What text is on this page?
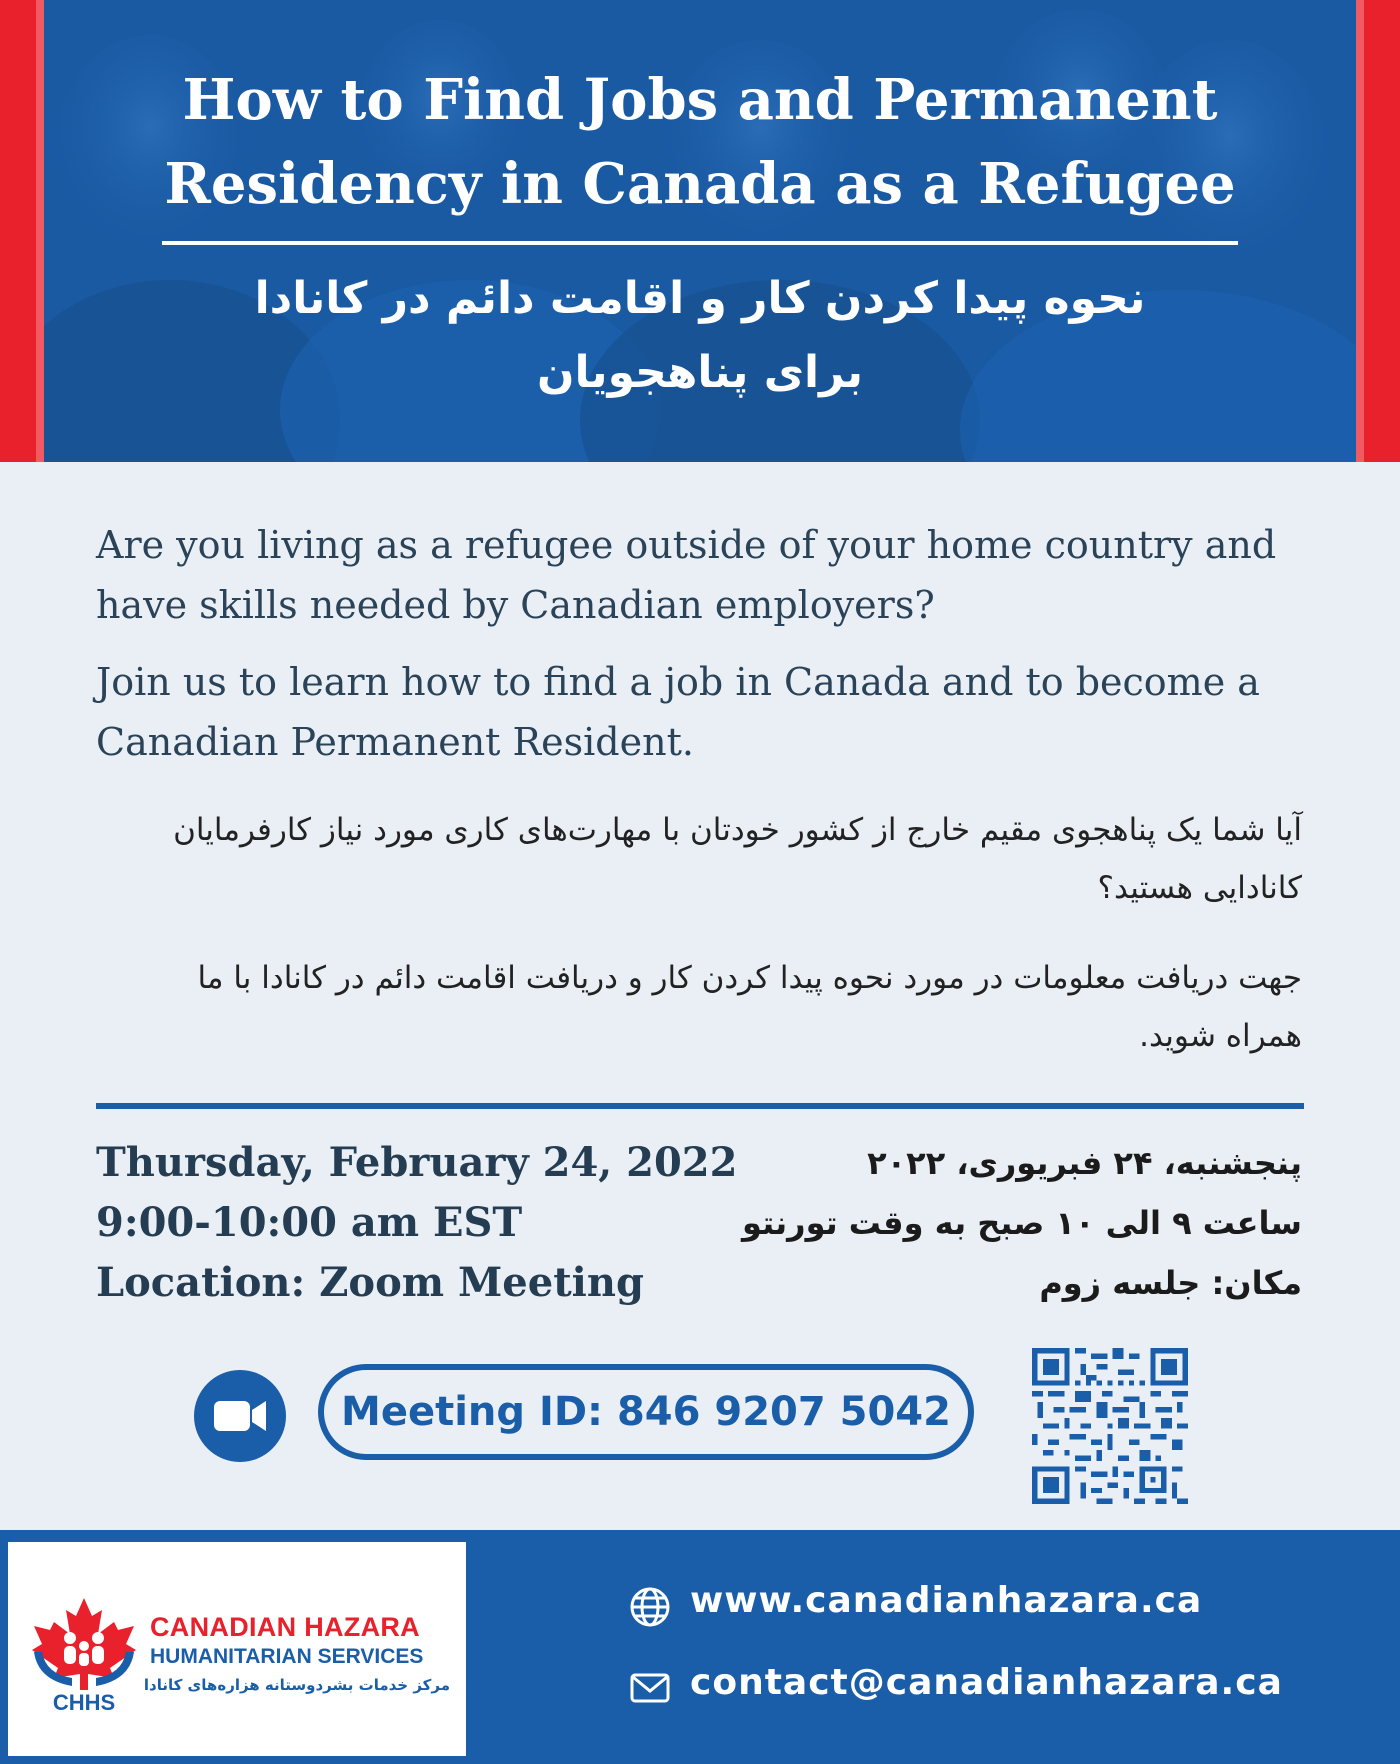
How to Find Jobs and Permanent
Residency in Canada as a Refugee
نحوه پیدا کردن کار و اقامت دائم در کانادا
برای پناهجویان

Are you living as a refugee outside of your home country and have skills needed by Canadian employers?

Join us to learn how to find a job in Canada and to become a Canadian Permanent Resident.

آیا شما یک پناهجوی مقیم خارج از کشور خودتان با مهارت‌های کاری مورد نیاز کارفرمایان کانادایی هستید؟

جهت دریافت معلومات در مورد نحوه پیدا کردن کار و دریافت اقامت دائم در کانادا با ما همراه شوید.

Thursday, February 24, 2022
9:00-10:00 am EST
Location: Zoom Meeting
پنجشنبه، ۲۴ فبریوری، ۲۰۲۲
ساعت ۹ الی ۱۰ صبح به وقت تورنتو
مکان: جلسه زوم
Meeting ID: 846 9207 5042
CHHS

CANADIAN HAZARA

HUMANITARIAN SERVICES

مرکز خدمات بشردوستانه هزاره‌های کانادا

www.canadianhazara.ca

contact@canadianhazara.ca
